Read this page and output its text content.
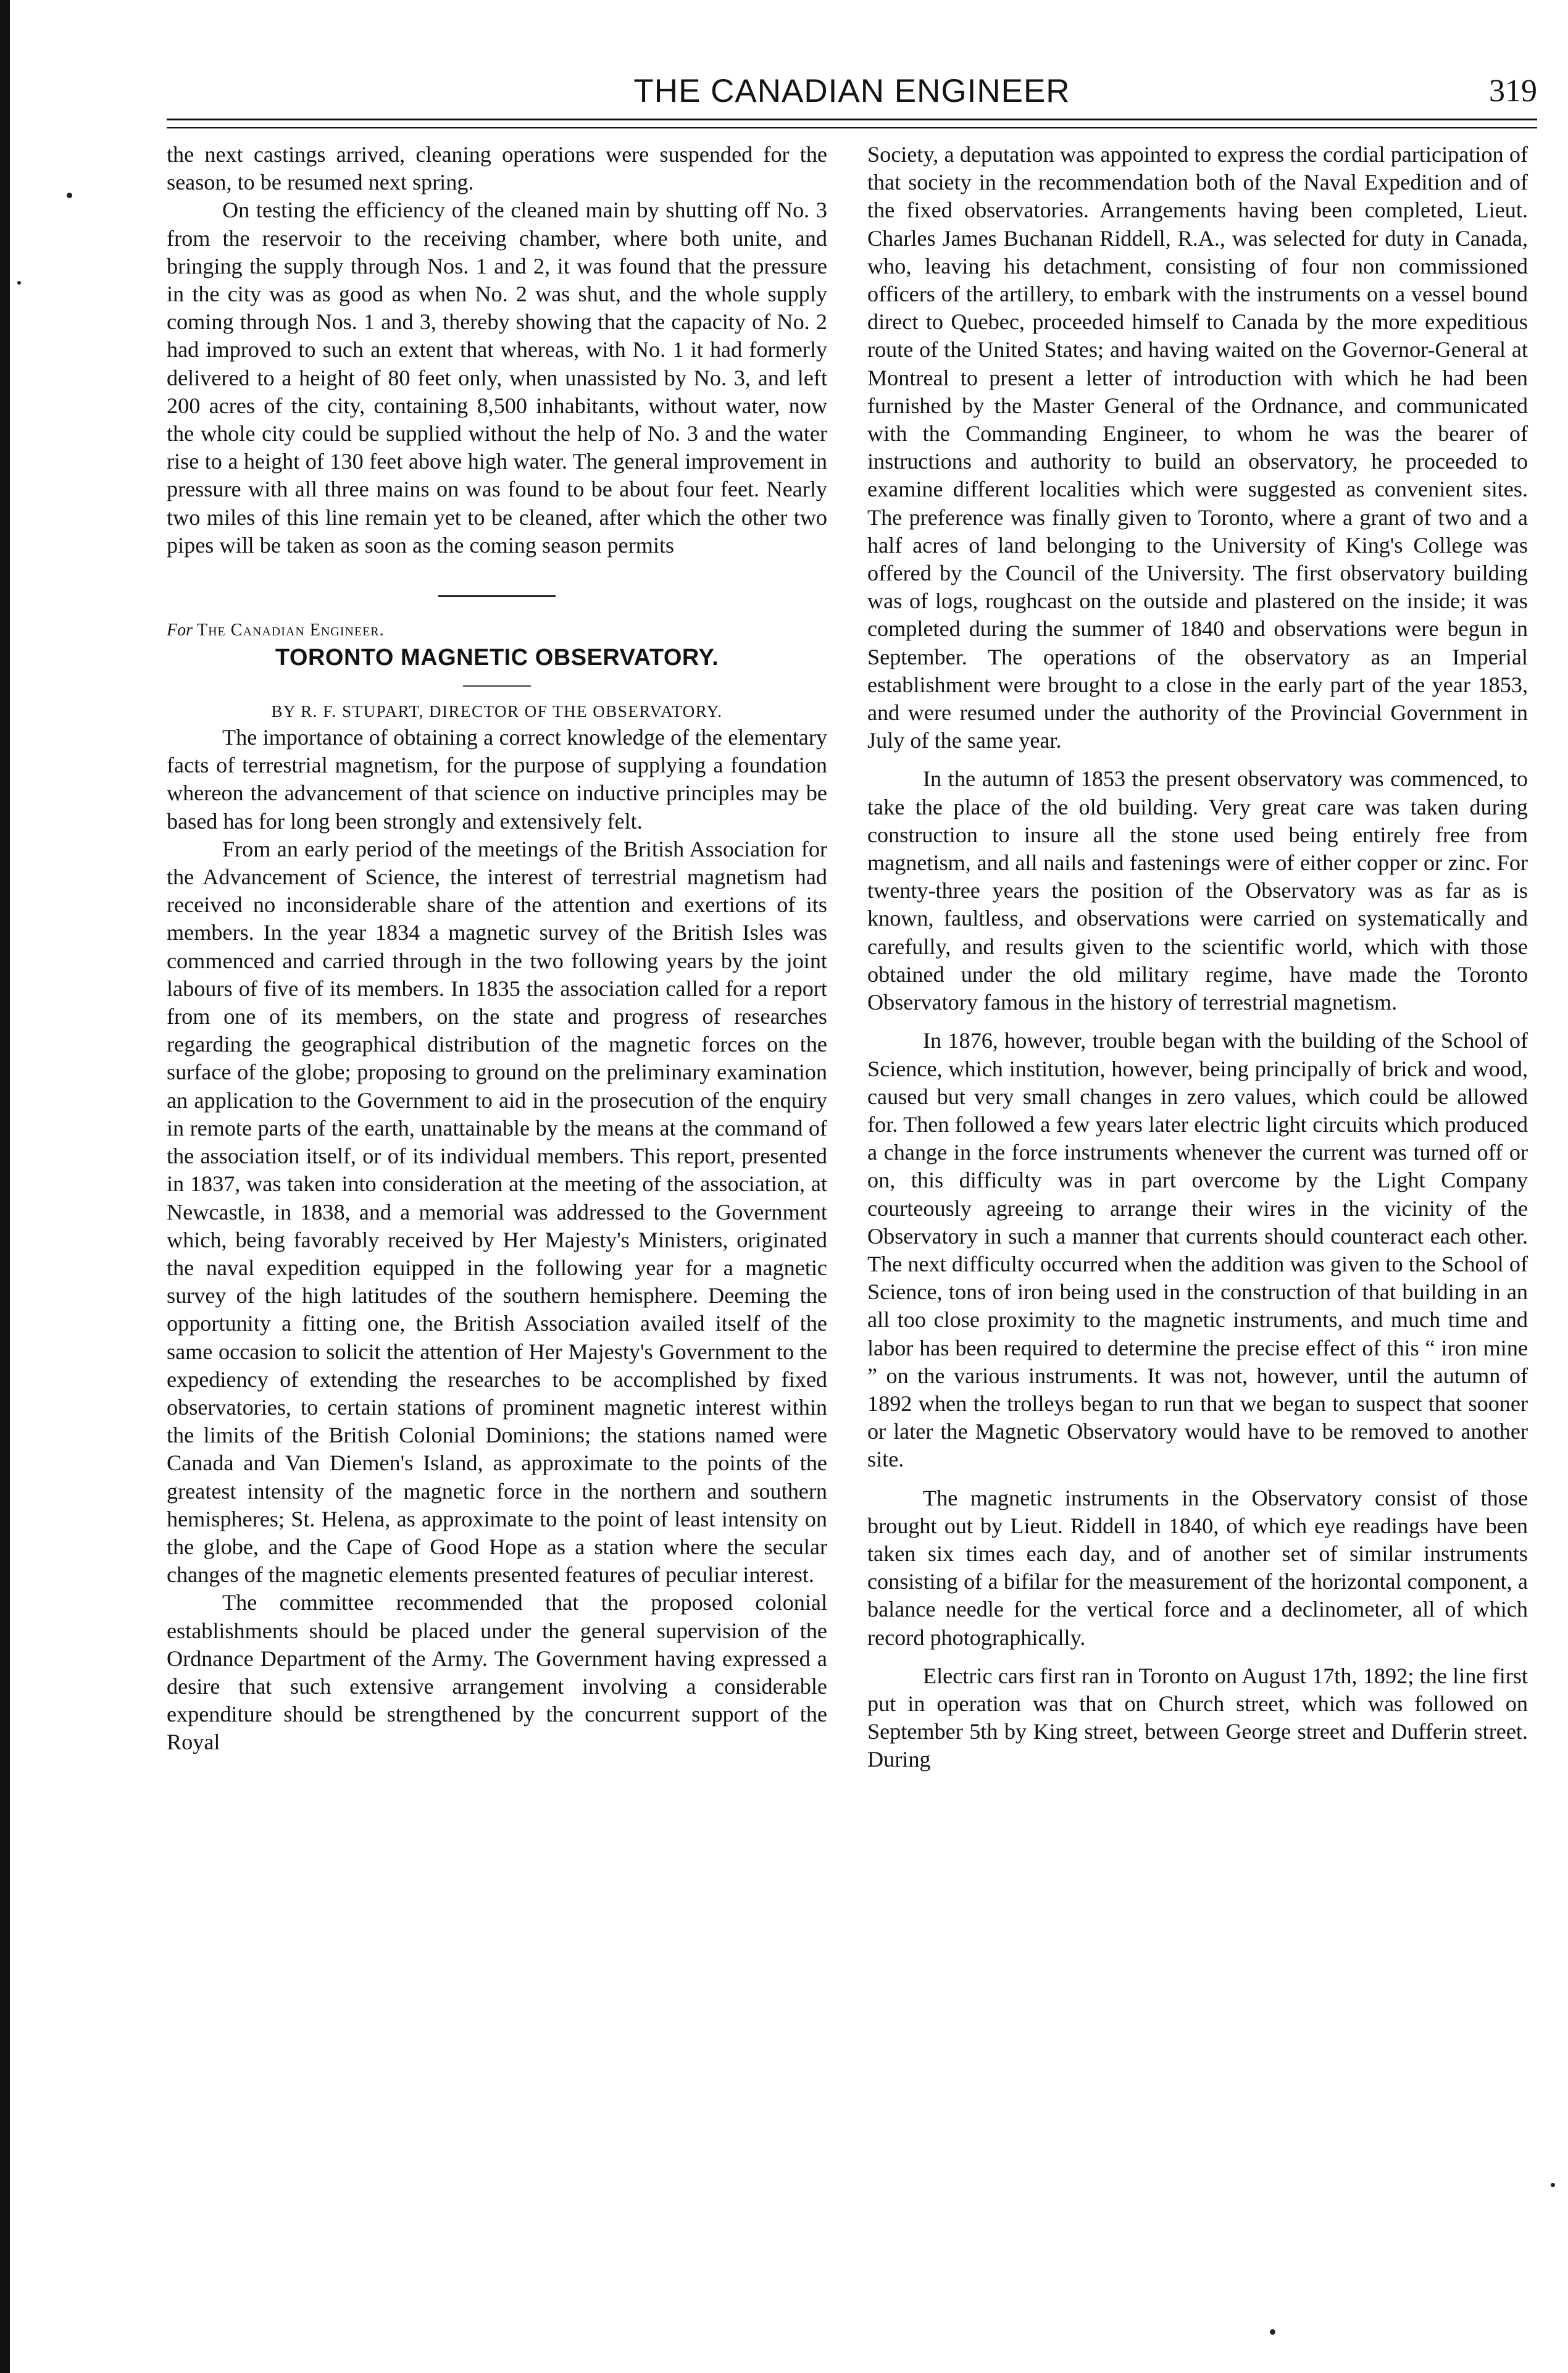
THE CANADIAN ENGINEER	319

the next castings arrived, cleaning operations were suspended for the season, to be resumed next spring.

On testing the efficiency of the cleaned main by shutting off No. 3 from the reservoir to the receiving chamber, where both unite, and bringing the supply through Nos. 1 and 2, it was found that the pressure in the city was as good as when No. 2 was shut, and the whole supply coming through Nos. 1 and 3, thereby showing that the capacity of No. 2 had improved to such an extent that whereas, with No. 1 it had formerly delivered to a height of 80 feet only, when unassisted by No. 3, and left 200 acres of the city, containing 8,500 inhabitants, without water, now the whole city could be supplied without the help of No. 3 and the water rise to a height of 130 feet above high water. The general improvement in pressure with all three mains on was found to be about four feet. Nearly two miles of this line remain yet to be cleaned, after which the other two pipes will be taken as soon as the coming season permits

For The Canadian Engineer.

TORONTO MAGNETIC OBSERVATORY.

BY R. F. STUPART, DIRECTOR OF THE OBSERVATORY.

The importance of obtaining a correct knowledge of the elementary facts of terrestrial magnetism, for the purpose of supplying a foundation whereon the advancement of that science on inductive principles may be based has for long been strongly and extensively felt.

From an early period of the meetings of the British Association for the Advancement of Science, the interest of terrestrial magnetism had received no inconsiderable share of the attention and exertions of its members. In the year 1834 a magnetic survey of the British Isles was commenced and carried through in the two following years by the joint labours of five of its members. In 1835 the association called for a report from one of its members, on the state and progress of researches regarding the geographical distribution of the magnetic forces on the surface of the globe; proposing to ground on the preliminary examination an application to the Government to aid in the prosecution of the enquiry in remote parts of the earth, unattainable by the means at the command of the association itself, or of its individual members. This report, presented in 1837, was taken into consideration at the meeting of the association, at Newcastle, in 1838, and a memorial was addressed to the Government which, being favorably received by Her Majesty's Ministers, originated the naval expedition equipped in the following year for a magnetic survey of the high latitudes of the southern hemisphere. Deeming the opportunity a fitting one, the British Association availed itself of the same occasion to solicit the attention of Her Majesty's Government to the expediency of extending the researches to be accomplished by fixed observatories, to certain stations of prominent magnetic interest within the limits of the British Colonial Dominions; the stations named were Canada and Van Diemen's Island, as approximate to the points of the greatest intensity of the magnetic force in the northern and southern hemispheres; St. Helena, as approximate to the point of least intensity on the globe, and the Cape of Good Hope as a station where the secular changes of the magnetic elements presented features of peculiar interest.

The committee recommended that the proposed colonial establishments should be placed under the general supervision of the Ordnance Department of the Army. The Government having expressed a desire that such extensive arrangement involving a considerable expenditure should be strengthened by the concurrent support of the Royal

Society, a deputation was appointed to express the cordial participation of that society in the recommendation both of the Naval Expedition and of the fixed observatories. Arrangements having been completed, Lieut. Charles James Buchanan Riddell, R.A., was selected for duty in Canada, who, leaving his detachment, consisting of four non commissioned officers of the artillery, to embark with the instruments on a vessel bound direct to Quebec, proceeded himself to Canada by the more expeditious route of the United States; and having waited on the Governor-General at Montreal to present a letter of introduction with which he had been furnished by the Master General of the Ordnance, and communicated with the Commanding Engineer, to whom he was the bearer of instructions and authority to build an observatory, he proceeded to examine different localities which were suggested as convenient sites. The preference was finally given to Toronto, where a grant of two and a half acres of land belonging to the University of King's College was offered by the Council of the University. The first observatory building was of logs, roughcast on the outside and plastered on the inside; it was completed during the summer of 1840 and observations were begun in September. The operations of the observatory as an Imperial establishment were brought to a close in the early part of the year 1853, and were resumed under the authority of the Provincial Government in July of the same year.

In the autumn of 1853 the present observatory was commenced, to take the place of the old building. Very great care was taken during construction to insure all the stone used being entirely free from magnetism, and all nails and fastenings were of either copper or zinc. For twenty-three years the position of the Observatory was as far as is known, faultless, and observations were carried on systematically and carefully, and results given to the scientific world, which with those obtained under the old military regime, have made the Toronto Observatory famous in the history of terrestrial magnetism.

In 1876, however, trouble began with the building of the School of Science, which institution, however, being principally of brick and wood, caused but very small changes in zero values, which could be allowed for. Then followed a few years later electric light circuits which produced a change in the force instruments whenever the current was turned off or on, this difficulty was in part overcome by the Light Company courteously agreeing to arrange their wires in the vicinity of the Observatory in such a manner that currents should counteract each other. The next difficulty occurred when the addition was given to the School of Science, tons of iron being used in the construction of that building in an all too close proximity to the magnetic instruments, and much time and labor has been required to determine the precise effect of this “ iron mine ” on the various instruments. It was not, however, until the autumn of 1892 when the trolleys began to run that we began to suspect that sooner or later the Magnetic Observatory would have to be removed to another site.

The magnetic instruments in the Observatory consist of those brought out by Lieut. Riddell in 1840, of which eye readings have been taken six times each day, and of another set of similar instruments consisting of a bifilar for the measurement of the horizontal component, a balance needle for the vertical force and a declinometer, all of which record photographically.

Electric cars first ran in Toronto on August 17th, 1892; the line first put in operation was that on Church street, which was followed on September 5th by King street, between George street and Dufferin street. During
